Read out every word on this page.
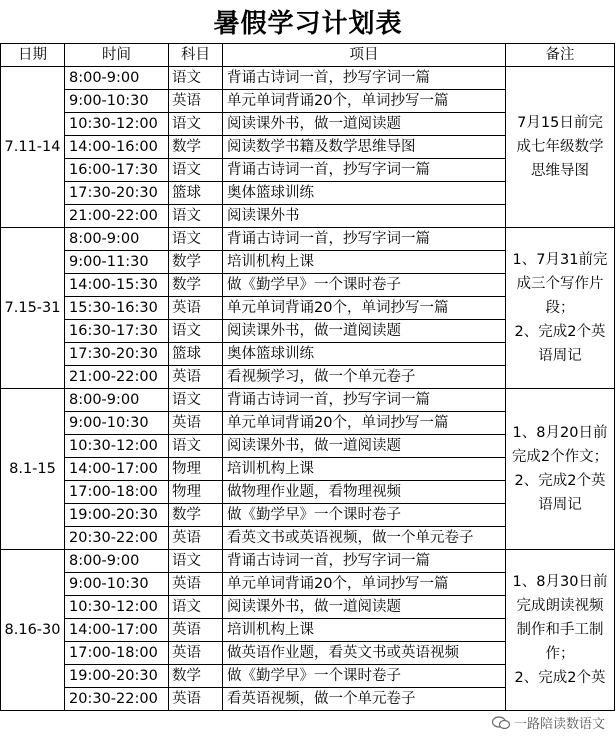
暑假学习计划表
日期	时间	科目	项目	备注
7.11-14	8:00-9:00	语文	背诵古诗词一首，抄写字词一篇	7月15日前完成七年级数学思维导图
	9:00-10:30	英语	单元单词背诵20个，单词抄写一篇	
	10:30-12:00	语文	阅读课外书，做一道阅读题	
	14:00-16:00	数学	阅读数学书籍及数学思维导图	
	16:00-17:30	语文	背诵古诗词一首，抄写字词一篇	
	17:30-20:30	篮球	奥体篮球训练	
	21:00-22:00	语文	阅读课外书	
7.15-31	8:00-9:00	语文	背诵古诗词一首，抄写字词一篇	1、7月31前完成三个写作片段；
2、完成2个英语周记
	9:00-11:30	数学	培训机构上课	
	14:00-15:30	数学	做《勤学早》一个课时卷子	
	15:30-16:30	英语	单元单词背诵20个，单词抄写一篇	
	16:30-17:30	语文	阅读课外书，做一道阅读题	
	17:30-20:30	篮球	奥体篮球训练	
	21:00-22:00	英语	看视频学习，做一个单元卷子	
8.1-15	8:00-9:00	语文	背诵古诗词一首，抄写字词一篇	1、8月20日前完成2个作文；
2、完成2个英语周记
	9:00-10:30	英语	单元单词背诵20个，单词抄写一篇	
	10:30-12:00	语文	阅读课外书，做一道阅读题	
	14:00-17:00	物理	培训机构上课	
	17:00-18:00	物理	做物理作业题，看物理视频	
	19:00-20:30	数学	做《勤学早》一个课时卷子	
	20:30-22:00	英语	看英文书或英语视频，做一个单元卷子	
8.16-30	8:00-9:00	语文	背诵古诗词一首，抄写字词一篇	1、8月30日前完成朗读视频制作和手工制作；
2、完成2个英
	9:00-10:30	英语	单元单词背诵20个，单词抄写一篇	
	10:30-12:00	语文	阅读课外书，做一道阅读题	
	14:00-17:00	英语	培训机构上课	
	17:00-18:00	英语	做英语作业题，看英文书或英语视频	
	19:00-20:30	数学	做《勤学早》一个课时卷子	
	20:30-22:00	英语	看英语视频，做一个单元卷子	
一路陪读数语文
